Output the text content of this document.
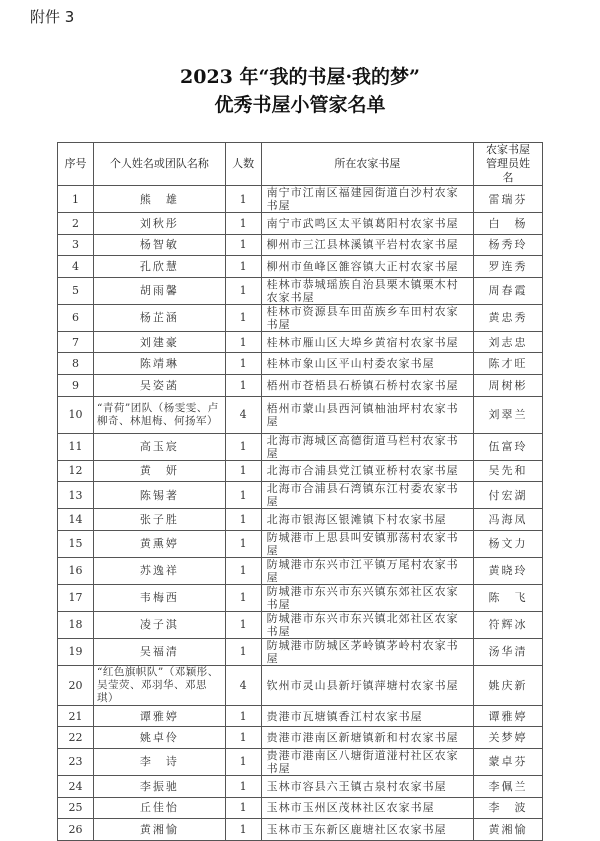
附件 3
2023 年“我的书屋·我的梦”
优秀书屋小管家名单
序号	个人姓名或团队名称	人数	所在农家书屋	农家书屋管理员姓名
1	熊　雄	1	南宁市江南区福建园街道白沙村农家书屋	雷瑞芬
2	刘秋彤	1	南宁市武鸣区太平镇葛阳村农家书屋	白　杨
3	杨智敏	1	柳州市三江县林溪镇平岩村农家书屋	杨秀玲
4	孔欣慧	1	柳州市鱼峰区雒容镇大正村农家书屋	罗连秀
5	胡雨馨	1	桂林市恭城瑶族自治县栗木镇栗木村农家书屋	周春霞
6	杨芷涵	1	桂林市资源县车田苗族乡车田村农家书屋	黄忠秀
7	刘建豪	1	桂林市雁山区大埠乡黄宿村农家书屋	刘志忠
8	陈靖琳	1	桂林市象山区平山村委农家书屋	陈才旺
9	吴姿菡	1	梧州市苍梧县石桥镇石桥村农家书屋	周树彬
10	“青荷”团队（杨雯雯、卢柳奇、林旭梅、何扬军）	4	梧州市蒙山县西河镇柚油坪村农家书屋	刘翠兰
11	高玉宸	1	北海市海城区高德街道马栏村农家书屋	伍富玲
12	黄　妍	1	北海市合浦县党江镇亚桥村农家书屋	吴先和
13	陈锡著	1	北海市合浦县石湾镇东江村委农家书屋	付宏湖
14	张子胜	1	北海市银海区银滩镇下村农家书屋	冯海凤
15	黄熏婷	1	防城港市上思县叫安镇那荡村农家书屋	杨文力
16	苏逸祥	1	防城港市东兴市江平镇万尾村农家书屋	黄晓玲
17	韦梅西	1	防城港市东兴市东兴镇东郊社区农家书屋	陈　飞
18	凌子淇	1	防城港市东兴市东兴镇北郊社区农家书屋	符辉冰
19	吴福清	1	防城港市防城区茅岭镇茅岭村农家书屋	汤华清
20	“红色旗帜队”（邓颖彤、吴莹荧、邓羽华、邓思琪）	4	钦州市灵山县新圩镇萍塘村农家书屋	姚庆新
21	谭雅婷	1	贵港市瓦塘镇香江村农家书屋	谭雅婷
22	姚卓伶	1	贵港市港南区新塘镇新和村农家书屋	关梦婷
23	李　诗	1	贵港市港南区八塘街道湴村社区农家书屋	蒙卓芬
24	李振驰	1	玉林市容县六王镇古泉村农家书屋	李佩兰
25	丘佳怡	1	玉林市玉州区茂林社区农家书屋	李　波
26	黄湘愉	1	玉林市玉东新区鹿塘社区农家书屋	黄湘愉
